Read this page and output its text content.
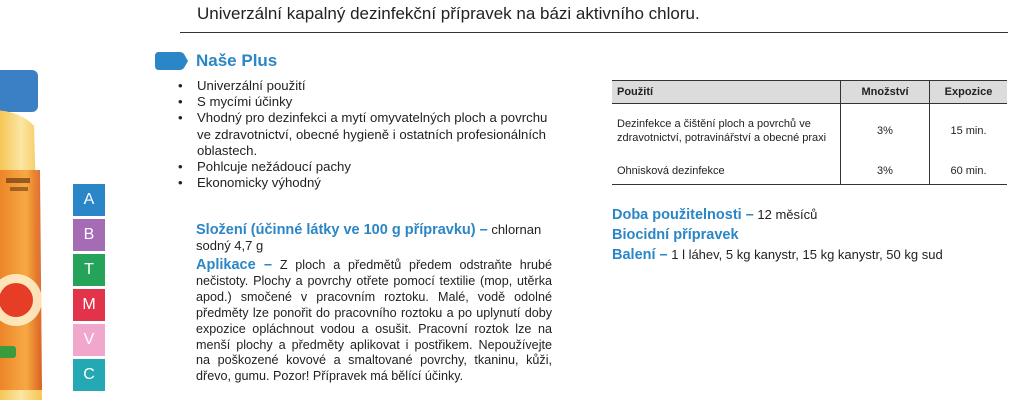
A
B
T
M
V
C
Univerzální kapalný dezinfekční přípravek na bázi aktivního chloru.
Naše Plus
• Univerzální použití
• S mycími účinky
• Vhodný pro dezinfekci a mytí omyvatelných ploch a povrchu ve zdravotnictví, obecné hygieně i ostatních profesionálních oblastech.
• Pohlcuje nežádoucí pachy
• Ekonomicky výhodný
Složení (účinné látky ve 100 g přípravku) – chlornan sodný 4,7 g
Aplikace – Z ploch a předmětů předem odstraňte hrubé nečistoty. Plochy a povrchy otřete pomocí textilie (mop, utěrka apod.) smočené v pracovním roztoku. Malé, vodě odolné předměty lze ponořit do pracovního roztoku a po uplynutí doby expozice opláchnout vodou a osušit. Pracovní roztok lze na menší plochy a předměty aplikovat i postřikem. Nepoužívejte na poškozené kovové a smaltované povrchy, tkaninu, kůži, dřevo, gumu. Pozor! Přípravek má bělící účinky.
Použití	Množství	Expozice
Dezinfekce a čištění ploch a povrchů ve zdravotnictví, potravinářství a obecné praxi	3%	15 min.
Ohnisková dezinfekce	3%	60 min.
Doba použitelnosti – 12 měsíců
Biocidní přípravek
Balení – 1 l láhev, 5 kg kanystr, 15 kg kanystr, 50 kg sud
